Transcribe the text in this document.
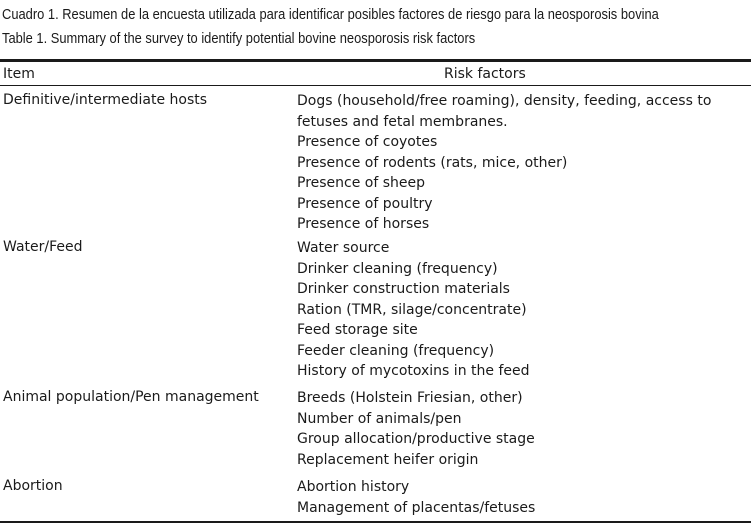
Cuadro 1. Resumen de la encuesta utilizada para identificar posibles factores de riesgo para la neosporosis bovina
Table 1. Summary of the survey to identify potential bovine neosporosis risk factors
Item	Risk factors
Definitive/intermediate hosts	Dogs (household/free roaming), density, feeding, access to fetuses and fetal membranes.
Presence of coyotes
Presence of rodents (rats, mice, other)
Presence of sheep
Presence of poultry
Presence of horses
Water/Feed	Water source
Drinker cleaning (frequency)
Drinker construction materials
Ration (TMR, silage/concentrate)
Feed storage site
Feeder cleaning (frequency)
History of mycotoxins in the feed
Animal population/Pen management	Breeds (Holstein Friesian, other)
Number of animals/pen
Group allocation/productive stage
Replacement heifer origin
Abortion	Abortion history
Management of placentas/fetuses
